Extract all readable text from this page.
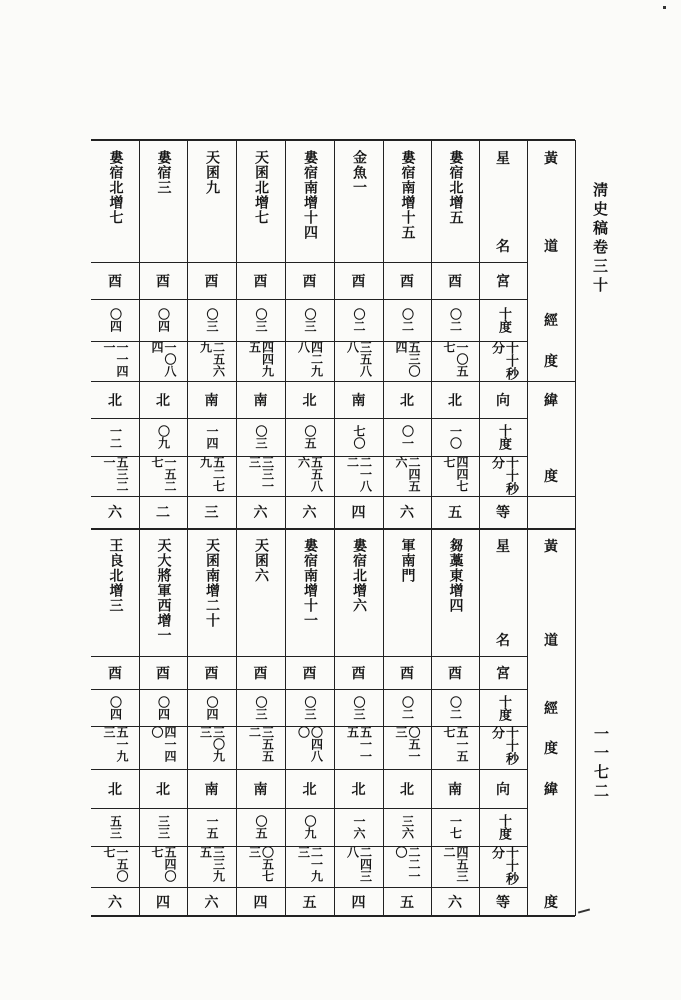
淸史稿卷三十
一一七二
婁宿北增五
酉
〇二
一〇五七
北
一〇
四四七七
五
婁宿南增十五
酉
〇二
五三〇四
北
〇一
二四五六
六
金魚一
酉
〇二
三五八八
南
七〇
二一八二
四
婁宿南增十四
酉
〇三
四二九八
北
〇五
五五八六
六
天囷北增七
酉
〇三
四四九五
南
〇三
三三一三
六
天囷九
酉
〇三
二五六九
南
一四
五二七九
三
婁宿三
酉
〇四
一〇八四
北
〇九
一五二七
二
婁宿北增七
酉
〇四
一一四一
北
一二
五三二一
六
星
名
宮
十度
十十秒分
向
十度
十十秒分
等
黃
道
經
度
緯
度
芻藁東增四
酉
〇二
五一五七
南
一七
四五三二
六
軍南門
酉
〇二
〇五一三
北
三六
二二一〇
五
婁宿北增六
酉
〇三
五一一五
北
一六
二四三八
四
婁宿南增十一
酉
〇三
〇四八〇
北
〇九
二一九三
五
天囷六
酉
〇三
三五五二
南
〇五
〇五七三
四
天囷南增二十
酉
〇四
三〇九三
南
一五
三三九五
六
天大將軍西增一
酉
〇四
四一四〇
北
三三
五四〇七
四
王良北增三
酉
〇四
五一九三
北
五三
一五〇七
六
星
名
宮
十度
十十秒分
向
十度
十十秒分
等
黃
道
經
度
緯
度
